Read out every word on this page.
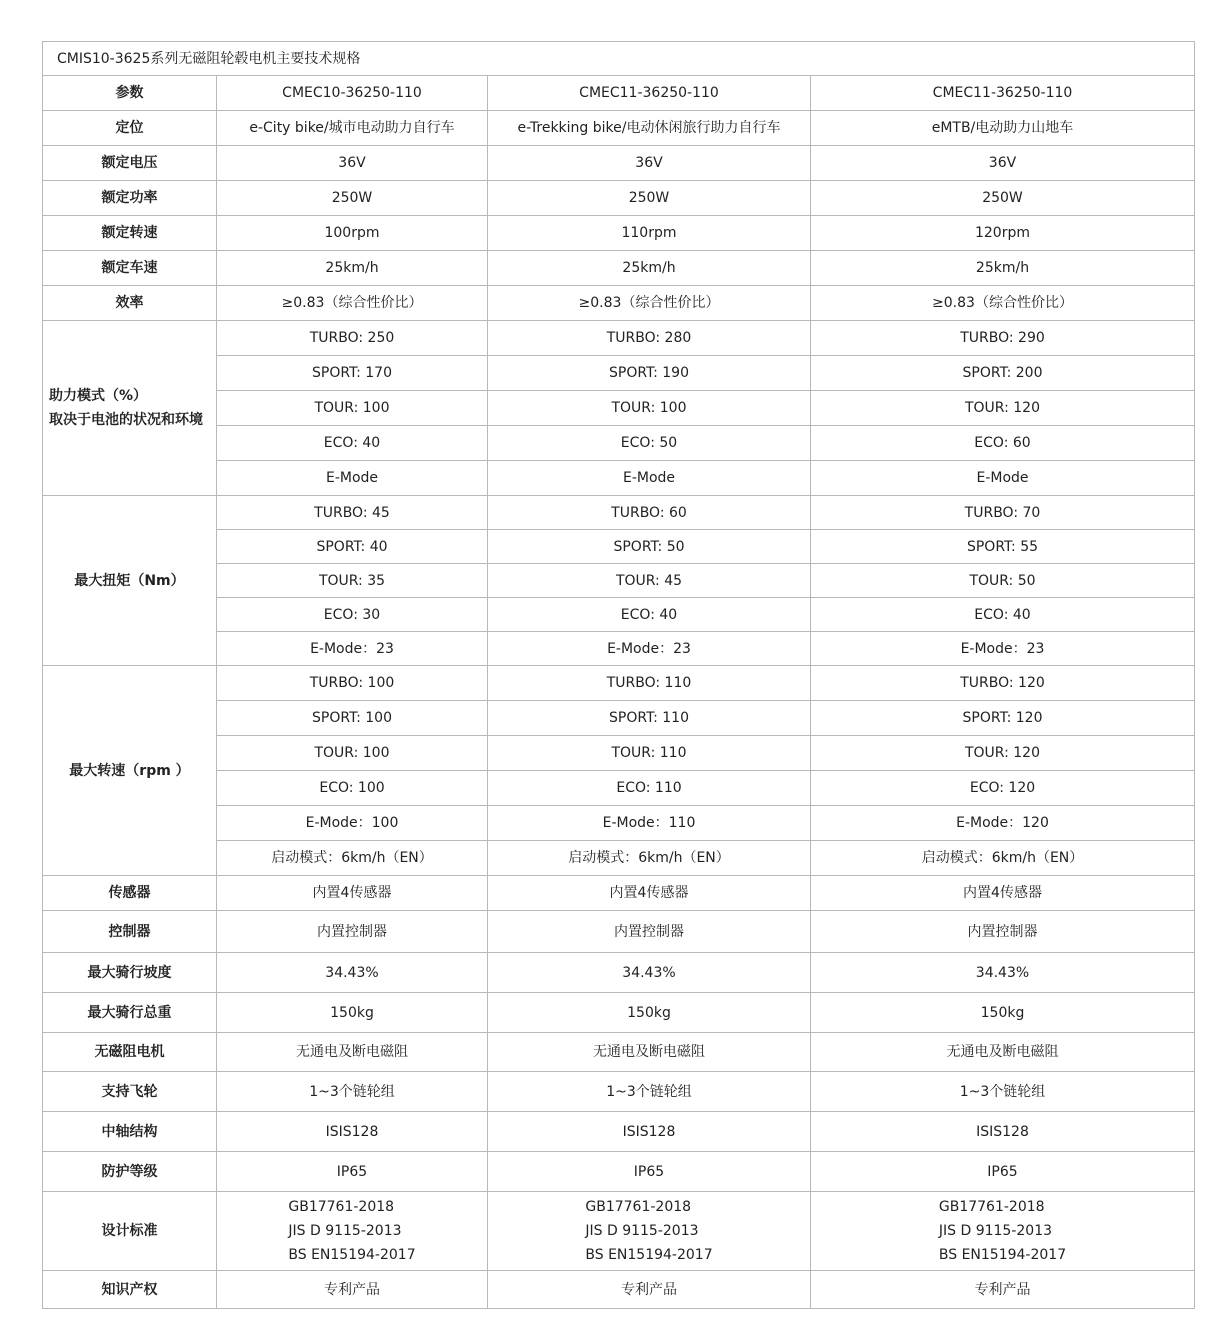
CMIS10-3625系列无磁阻轮毂电机主要技术规格			
参数	CMEC10-36250-110	CMEC11-36250-110	CMEC11-36250-110
定位	e-City bike/城市电动助力自行车	e-Trekking bike/电动休闲旅行助力自行车	eMTB/电动助力山地车
额定电压	36V	36V	36V
额定功率	250W	250W	250W
额定转速	100rpm	110rpm	120rpm
额定车速	25km/h	25km/h	25km/h
效率	≥0.83（综合性价比）	≥0.83（综合性价比）	≥0.83（综合性价比）

助力模式（%）
取决于电池的状况和环境	TURBO: 250	TURBO: 280	TURBO: 290
	SPORT: 170	SPORT: 190	SPORT: 200
	TOUR: 100	TOUR: 100	TOUR: 120
	ECO: 40	ECO: 50	ECO: 60
	E-Mode	E-Mode	E-Mode
最大扭矩（Nm）	TURBO: 45	TURBO: 60	TURBO: 70
	SPORT: 40	SPORT: 50	SPORT: 55
	TOUR: 35	TOUR: 45	TOUR: 50
	ECO: 30	ECO: 40	ECO: 40
	E-Mode：23	E-Mode：23	E-Mode：23
最大转速（rpm ）	TURBO: 100	TURBO: 110	TURBO: 120
	SPORT: 100	SPORT: 110	SPORT: 120
	TOUR: 100	TOUR: 110	TOUR: 120
	ECO: 100	ECO: 110	ECO: 120
	E-Mode：100	E-Mode：110	E-Mode：120
	启动模式：6km/h（EN）	启动模式：6km/h（EN）	启动模式：6km/h（EN）
传感器	内置4传感器	内置4传感器	内置4传感器
控制器	内置控制器	内置控制器	内置控制器
最大骑行坡度	34.43%	34.43%	34.43%
最大骑行总重	150kg	150kg	150kg
无磁阻电机	无通电及断电磁阻	无通电及断电磁阻	无通电及断电磁阻
支持飞轮	1~3个链轮组	1~3个链轮组	1~3个链轮组
中轴结构	ISIS128	ISIS128	ISIS128
防护等级	IP65	IP65	IP65
设计标准	GB17761-2018
JIS D 9115-2013
BS EN15194-2017	GB17761-2018
JIS D 9115-2013
BS EN15194-2017	GB17761-2018
JIS D 9115-2013
BS EN15194-2017

知识产权	专利产品	专利产品	专利产品
